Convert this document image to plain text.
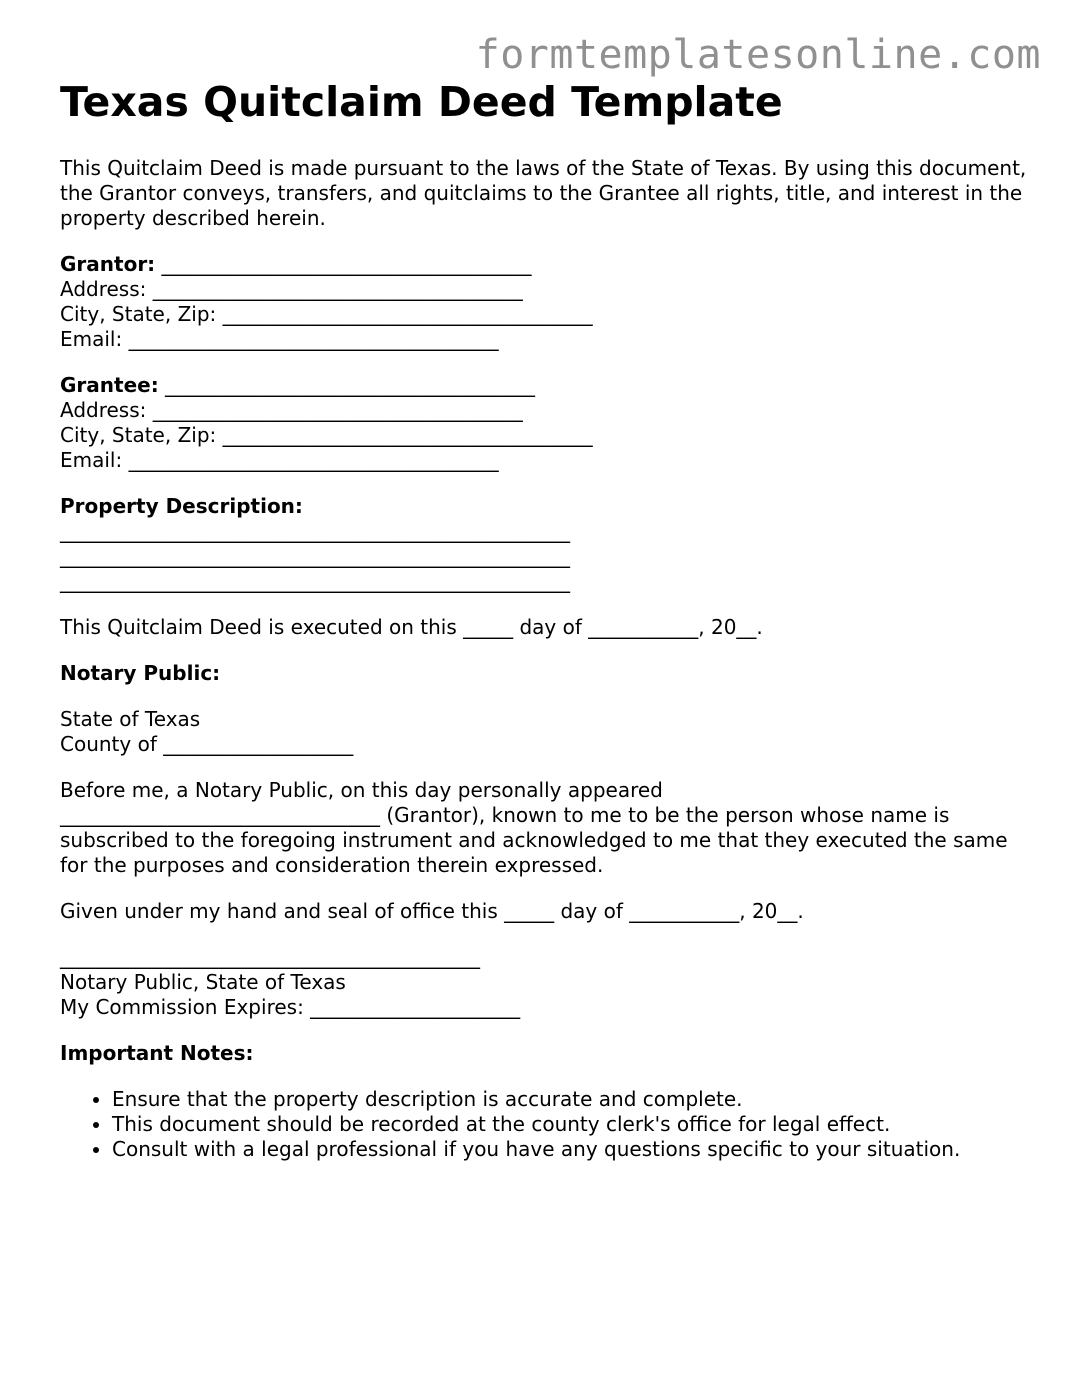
formtemplatesonline.com
Texas Quitclaim Deed Template

This Quitclaim Deed is made pursuant to the laws of the State of Texas. By using this document, the Grantor conveys, transfers, and quitclaims to the Grantee all rights, title, and interest in the property described herein.

Grantor: _____________________________________
Address: _____________________________________
City, State, Zip: _____________________________________
Email: _____________________________________
Grantee: _____________________________________
Address: _____________________________________
City, State, Zip: _____________________________________
Email: _____________________________________
Property Description:
___________________________________________________
___________________________________________________
___________________________________________________
This Quitclaim Deed is executed on this _____ day of ___________, 20__.
Notary Public:
State of Texas
County of ___________________
Before me, a Notary Public, on this day personally appeared
________________________________ (Grantor), known to me to be the person whose name is subscribed to the foregoing instrument and acknowledged to me that they executed the same for the purposes and consideration therein expressed.
Given under my hand and seal of office this _____ day of ___________, 20__.
__________________________________________
Notary Public, State of Texas
My Commission Expires: _____________________
Important Notes:
• Ensure that the property description is accurate and complete.
• This document should be recorded at the county clerk's office for legal effect.
• Consult with a legal professional if you have any questions specific to your situation.
